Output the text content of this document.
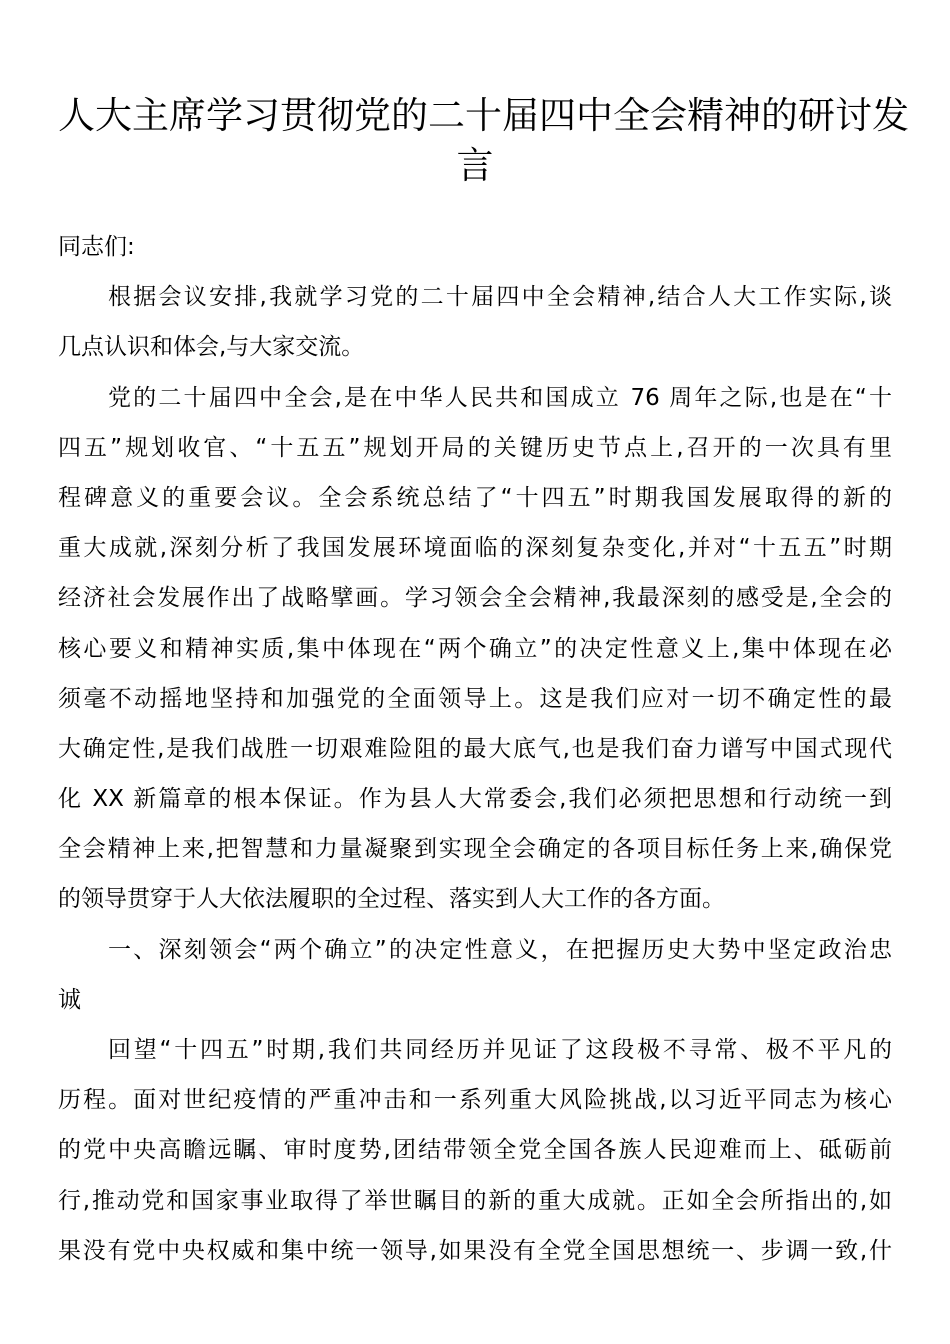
人大主席学习贯彻党的二十届四中全会精神的研讨发
言
同志们:
根据会议安排,我就学习党的二十届四中全会精神,结合人大工作实际,谈
几点认识和体会,与大家交流。
党的二十届四中全会,是在中华人民共和国成立 76 周年之际,也是在“十
四五”规划收官、“十五五”规划开局的关键历史节点上,召开的一次具有里
程碑意义的重要会议。全会系统总结了“十四五”时期我国发展取得的新的
重大成就,深刻分析了我国发展环境面临的深刻复杂变化,并对“十五五”时期
经济社会发展作出了战略擘画。学习领会全会精神,我最深刻的感受是,全会的
核心要义和精神实质,集中体现在“两个确立”的决定性意义上,集中体现在必
须毫不动摇地坚持和加强党的全面领导上。这是我们应对一切不确定性的最
大确定性,是我们战胜一切艰难险阻的最大底气,也是我们奋力谱写中国式现代
化 XX 新篇章的根本保证。作为县人大常委会,我们必须把思想和行动统一到
全会精神上来,把智慧和力量凝聚到实现全会确定的各项目标任务上来,确保党
的领导贯穿于人大依法履职的全过程、落实到人大工作的各方面。
一、深刻领会“两个确立”的决定性意义，在把握历史大势中坚定政治忠
诚
回望“十四五”时期,我们共同经历并见证了这段极不寻常、极不平凡的
历程。面对世纪疫情的严重冲击和一系列重大风险挑战,以习近平同志为核心
的党中央高瞻远瞩、审时度势,团结带领全党全国各族人民迎难而上、砥砺前
行,推动党和国家事业取得了举世瞩目的新的重大成就。正如全会所指出的,如
果没有党中央权威和集中统一领导,如果没有全党全国思想统一、步调一致,什
